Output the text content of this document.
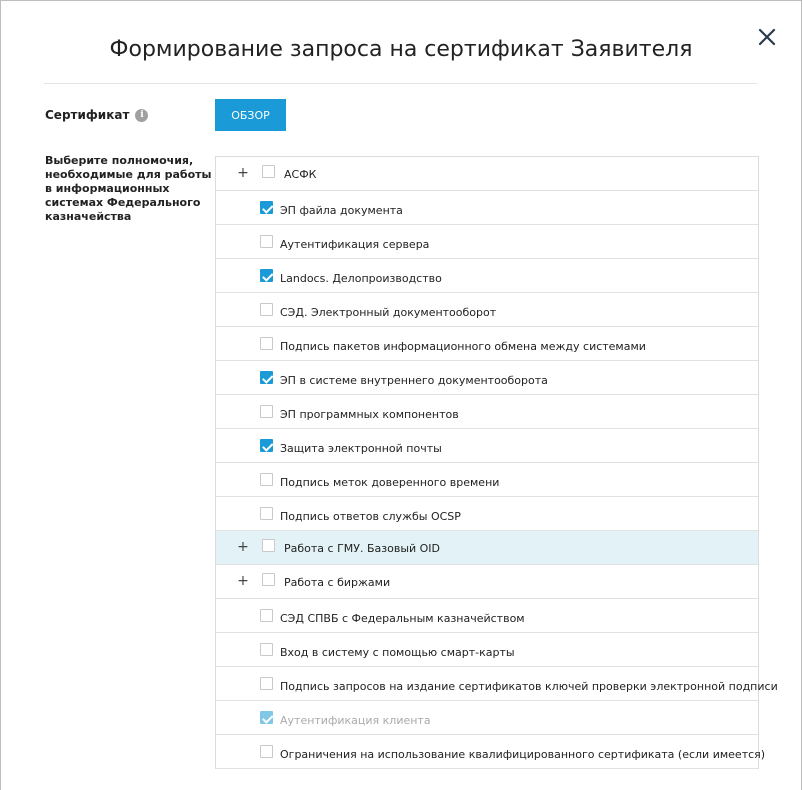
Формирование запроса на сертификат Заявителя
Сертификат	i	ОБЗОР
Выберите полномочия, необходимые для работы в информационных системах Федерального казначейства
+	АСФК
ЭП файла документа
Аутентификация сервера
Landocs. Делопроизводство
СЭД. Электронный документооборот
Подпись пакетов информационного обмена между системами
ЭП в системе внутреннего документооборота
ЭП программных компонентов
Защита электронной почты
Подпись меток доверенного времени
Подпись ответов службы OCSP
+	Работа с ГМУ. Базовый OID
+	Работа с биржами
СЭД СПВБ с Федеральным казначейством
Вход в систему с помощью смарт-карты
Подпись запросов на издание сертификатов ключей проверки электронной подписи
Аутентификация клиента
Ограничения на использование квалифицированного сертификата (если имеется)
